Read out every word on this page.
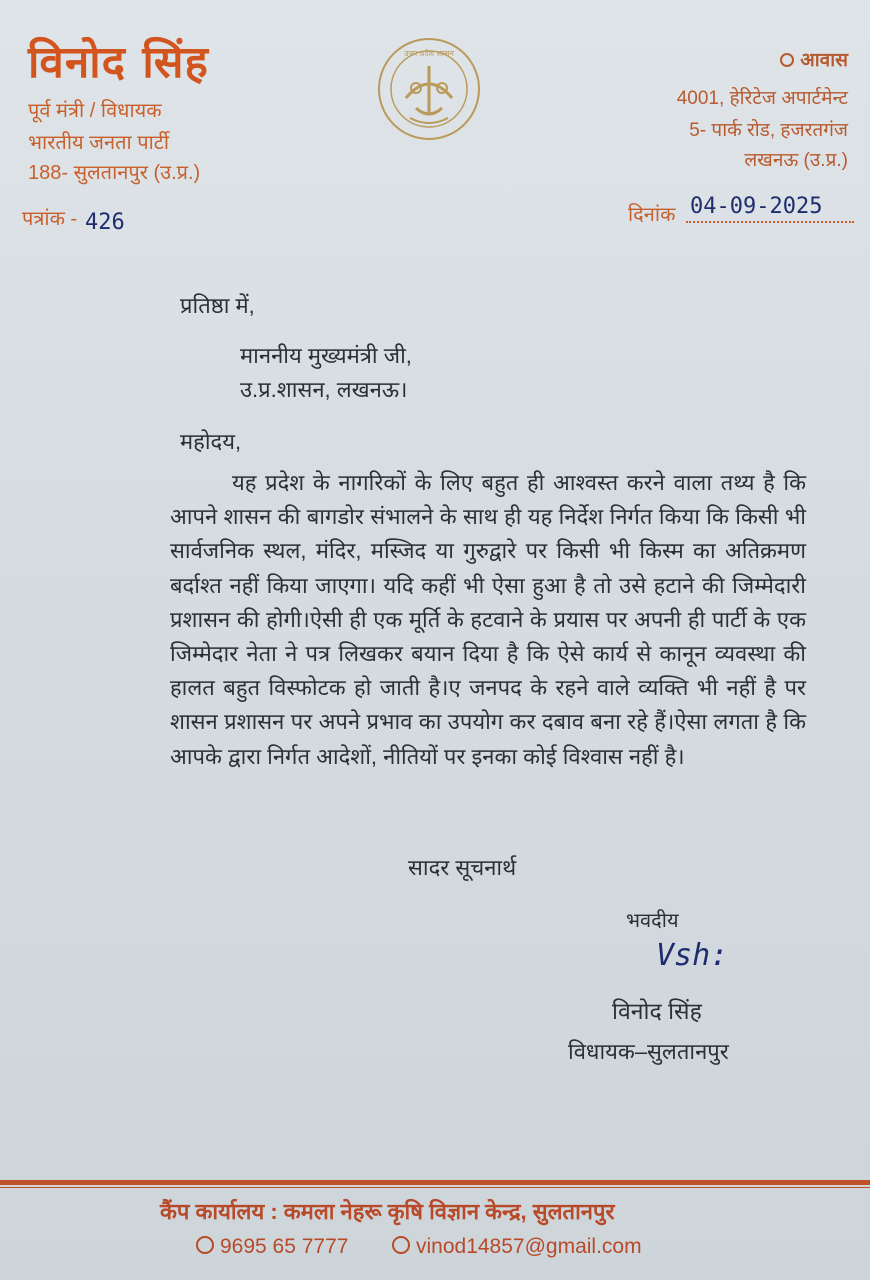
विनोद सिंह
पूर्व मंत्री / विधायक
भारतीय जनता पार्टी
188- सुलतानपुर (उ.प्र.)
उत्तर प्रदेश शासन	आवास
4001, हेरिटेज अपार्टमेन्ट
5- पार्क रोड, हजरतगंज
लखनऊ (उ.प्र.)
पत्रांक - 426	दिनांक 04-09-2025
प्रतिष्ठा में,
माननीय मुख्यमंत्री जी,
उ.प्र.शासन, लखनऊ।
महोदय,
यह प्रदेश के नागरिकों के लिए बहुत ही आश्वस्त करने वाला तथ्य है कि आपने शासन की बागडोर संभालने के साथ ही यह निर्देश निर्गत किया कि किसी भी सार्वजनिक स्थल, मंदिर, मस्जिद या गुरुद्वारे पर किसी भी किस्म का अतिक्रमण बर्दाश्त नहीं किया जाएगा। यदि कहीं भी ऐसा हुआ है तो उसे हटाने की जिम्मेदारी प्रशासन की होगी।ऐसी ही एक मूर्ति के हटवाने के प्रयास पर अपनी ही पार्टी के एक जिम्मेदार नेता ने पत्र लिखकर बयान दिया है कि ऐसे कार्य से कानून व्यवस्था की हालत बहुत विस्फोटक हो जाती है।ए जनपद के रहने वाले व्यक्ति भी नहीं है पर शासन प्रशासन पर अपने प्रभाव का उपयोग कर दबाव बना रहे हैं।ऐसा लगता है कि आपके द्वारा निर्गत आदेशों, नीतियों पर इनका कोई विश्वास नहीं है।
सादर सूचनार्थ
भवदीय
Vsh:
विनोद सिंह
विधायक–सुलतानपुर
कैंप कार्यालय : कमला नेहरू कृषि विज्ञान केन्द्र, सुलतानपुर
9695 65 7777	vinod14857@gmail.com
